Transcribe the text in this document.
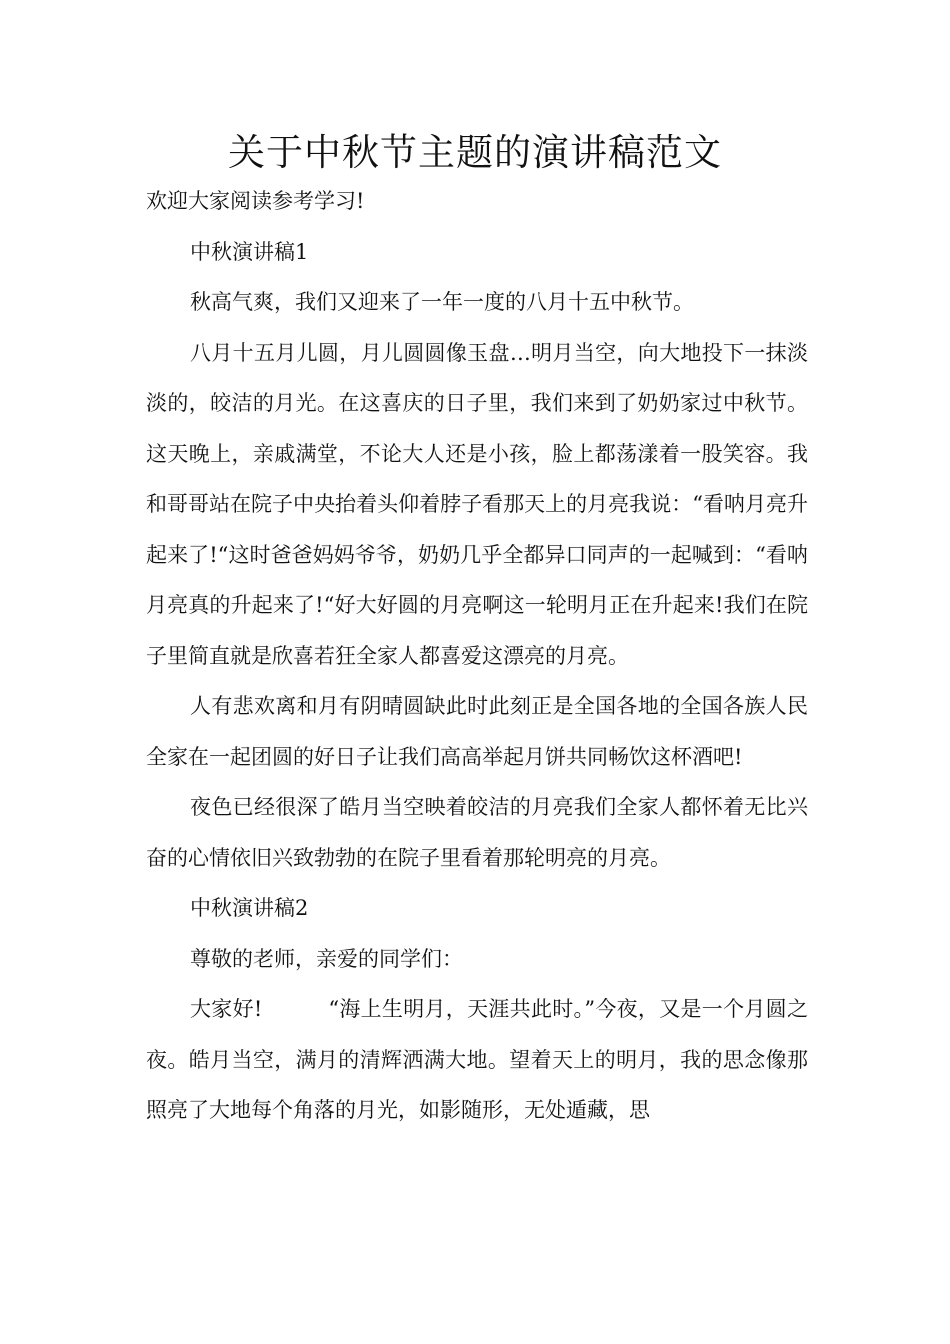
关于中秋节主题的演讲稿范文

欢迎大家阅读参考学习!

中秋演讲稿1

秋高气爽，我们又迎来了一年一度的八月十五中秋节。

八月十五月儿圆，月儿圆圆像玉盘…明月当空，向大地投下一抹淡淡的，皎洁的月光。在这喜庆的日子里，我们来到了奶奶家过中秋节。这天晚上，亲戚满堂，不论大人还是小孩，脸上都荡漾着一股笑容。我和哥哥站在院子中央抬着头仰着脖子看那天上的月亮我说：“看呐月亮升起来了!“这时爸爸妈妈爷爷，奶奶几乎全都异口同声的一起喊到：“看呐月亮真的升起来了!“好大好圆的月亮啊这一轮明月正在升起来!我们在院子里简直就是欣喜若狂全家人都喜爱这漂亮的月亮。

人有悲欢离和月有阴晴圆缺此时此刻正是全国各地的全国各族人民全家在一起团圆的好日子让我们高高举起月饼共同畅饮这杯酒吧!

夜色已经很深了皓月当空映着皎洁的月亮我们全家人都怀着无比兴奋的心情依旧兴致勃勃的在院子里看着那轮明亮的月亮。

中秋演讲稿2

尊敬的老师，亲爱的同学们：

大家好!	“海上生明月，天涯共此时。”今夜，又是一个月圆之夜。皓月当空，满月的清辉洒满大地。望着天上的明月，我的思念像那照亮了大地每个角落的月光，如影随形，无处遁藏，思
